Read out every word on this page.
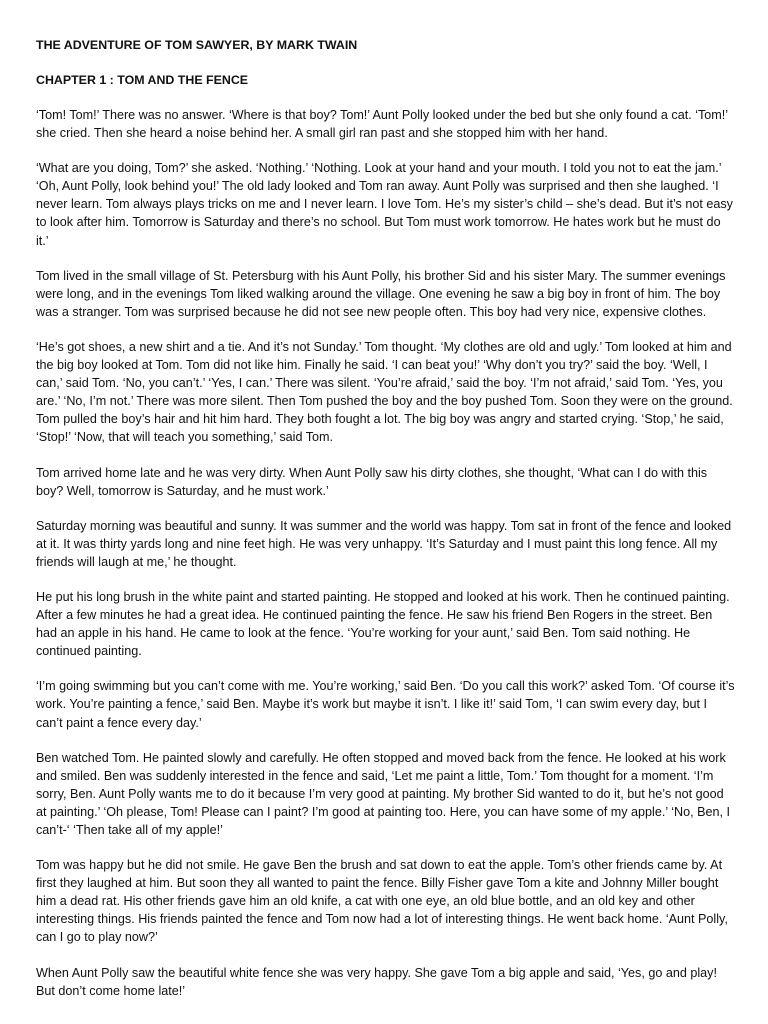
THE ADVENTURE OF TOM SAWYER, BY MARK TWAIN
CHAPTER 1 : TOM AND THE FENCE

‘Tom! Tom!’ There was no answer. ‘Where is that boy? Tom!’ Aunt Polly looked under the bed but she only found a cat. ‘Tom!’ she cried. Then she heard a noise behind her. A small girl ran past and she stopped him with her hand.

‘What are you doing, Tom?’ she asked. ‘Nothing.’ ‘Nothing. Look at your hand and your mouth. I told you not to eat the jam.’ ‘Oh, Aunt Polly, look behind you!’ The old lady looked and Tom ran away. Aunt Polly was surprised and then she laughed. ‘I never learn. Tom always plays tricks on me and I never learn. I love Tom. He’s my sister’s child – she’s dead. But it’s not easy to look after him. Tomorrow is Saturday and there’s no school. But Tom must work tomorrow. He hates work but he must do it.’

Tom lived in the small village of St. Petersburg with his Aunt Polly, his brother Sid and his sister Mary. The summer evenings were long, and in the evenings Tom liked walking around the village. One evening he saw a big boy in front of him. The boy was a stranger. Tom was surprised because he did not see new people often. This boy had very nice, expensive clothes.

‘He’s got shoes, a new shirt and a tie. And it’s not Sunday.’ Tom thought. ‘My clothes are old and ugly.’ Tom looked at him and the big boy looked at Tom. Tom did not like him. Finally he said. ‘I can beat you!’ ‘Why don’t you try?’ said the boy. ‘Well, I can,’ said Tom. ‘No, you can’t.’ ‘Yes, I can.’ There was silent. ‘You’re afraid,’ said the boy. ‘I’m not afraid,’ said Tom. ‘Yes, you are.’ ‘No, I’m not.’ There was more silent. Then Tom pushed the boy and the boy pushed Tom. Soon they were on the ground. Tom pulled the boy’s hair and hit him hard. They both fought a lot. The big boy was angry and started crying. ‘Stop,’ he said, ‘Stop!’ ‘Now, that will teach you something,’ said Tom.

Tom arrived home late and he was very dirty. When Aunt Polly saw his dirty clothes, she thought, ‘What can I do with this boy? Well, tomorrow is Saturday, and he must work.’

Saturday morning was beautiful and sunny. It was summer and the world was happy. Tom sat in front of the fence and looked at it. It was thirty yards long and nine feet high. He was very unhappy. ‘It’s Saturday and I must paint this long fence. All my friends will laugh at me,’ he thought.

He put his long brush in the white paint and started painting. He stopped and looked at his work. Then he continued painting. After a few minutes he had a great idea. He continued painting the fence. He saw his friend Ben Rogers in the street. Ben had an apple in his hand. He came to look at the fence. ‘You’re working for your aunt,’ said Ben. Tom said nothing. He continued painting.

‘I’m going swimming but you can’t come with me. You’re working,’ said Ben. ‘Do you call this work?’ asked Tom. ‘Of course it’s work. You’re painting a fence,’ said Ben. Maybe it’s work but maybe it isn’t. I like it!’ said Tom, ‘I can swim every day, but I can’t paint a fence every day.’

Ben watched Tom. He painted slowly and carefully. He often stopped and moved back from the fence. He looked at his work and smiled. Ben was suddenly interested in the fence and said, ‘Let me paint a little, Tom.’ Tom thought for a moment. ‘I’m sorry, Ben. Aunt Polly wants me to do it because I’m very good at painting. My brother Sid wanted to do it, but he’s not good at painting.’ ‘Oh please, Tom! Please can I paint? I’m good at painting too. Here, you can have some of my apple.’ ‘No, Ben, I can’t-‘ ‘Then take all of my apple!’

Tom was happy but he did not smile. He gave Ben the brush and sat down to eat the apple. Tom’s other friends came by. At first they laughed at him. But soon they all wanted to paint the fence. Billy Fisher gave Tom a kite and Johnny Miller bought him a dead rat. His other friends gave him an old knife, a cat with one eye, an old blue bottle, and an old key and other interesting things. His friends painted the fence and Tom now had a lot of interesting things. He went back home. ‘Aunt Polly, can I go to play now?’

When Aunt Polly saw the beautiful white fence she was very happy. She gave Tom a big apple and said, ‘Yes, go and play! But don’t come home late!’
